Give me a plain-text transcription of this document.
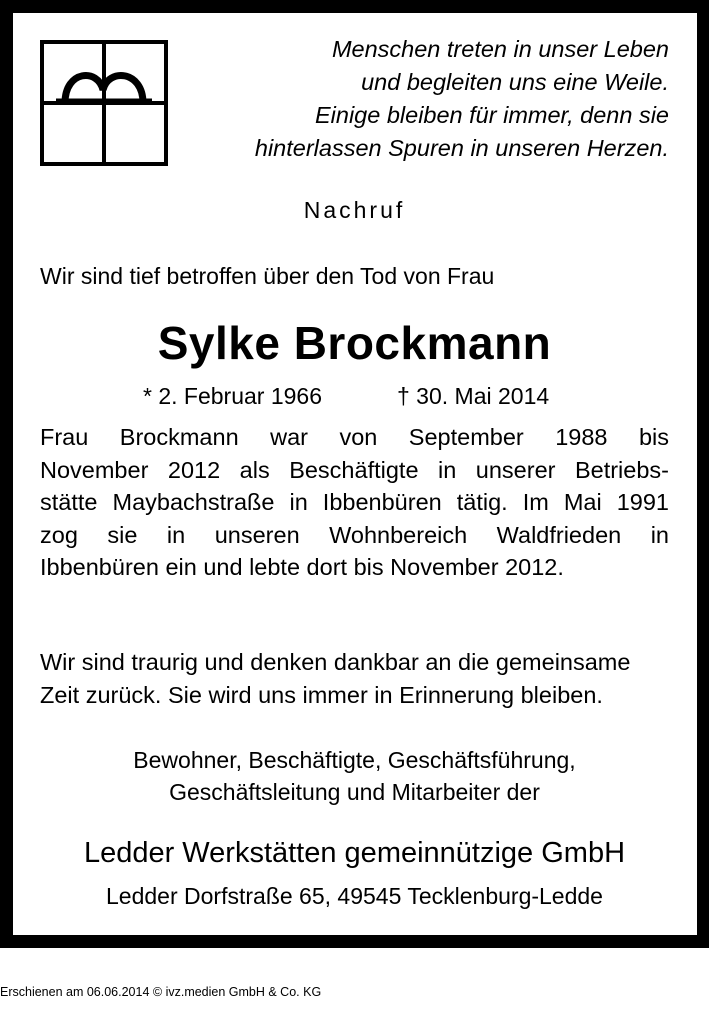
Menschen treten in unser Leben
und begleiten uns eine Weile.
Einige bleiben für immer, denn sie
hinterlassen Spuren in unseren Herzen.
Nachruf
Wir sind tief betroffen über den Tod von Frau
Sylke Brockmann
* 2. Februar 1966	† 30. Mai 2014
Frau Brockmann war von September 1988 bis
November 2012 als Beschäftigte in unserer Betriebs-
stätte Maybachstraße in Ibbenbüren tätig. Im Mai 1991
zog sie in unseren Wohnbereich Waldfrieden in
Ibbenbüren ein und lebte dort bis November 2012.
Wir sind traurig und denken dankbar an die gemeinsame
Zeit zurück. Sie wird uns immer in Erinnerung bleiben.
Bewohner, Beschäftigte, Geschäftsführung,
Geschäftsleitung und Mitarbeiter der
Ledder Werkstätten gemeinnützige GmbH
Ledder Dorfstraße 65, 49545 Tecklenburg-Ledde
Erschienen am 06.06.2014 © ivz.medien GmbH & Co. KG
